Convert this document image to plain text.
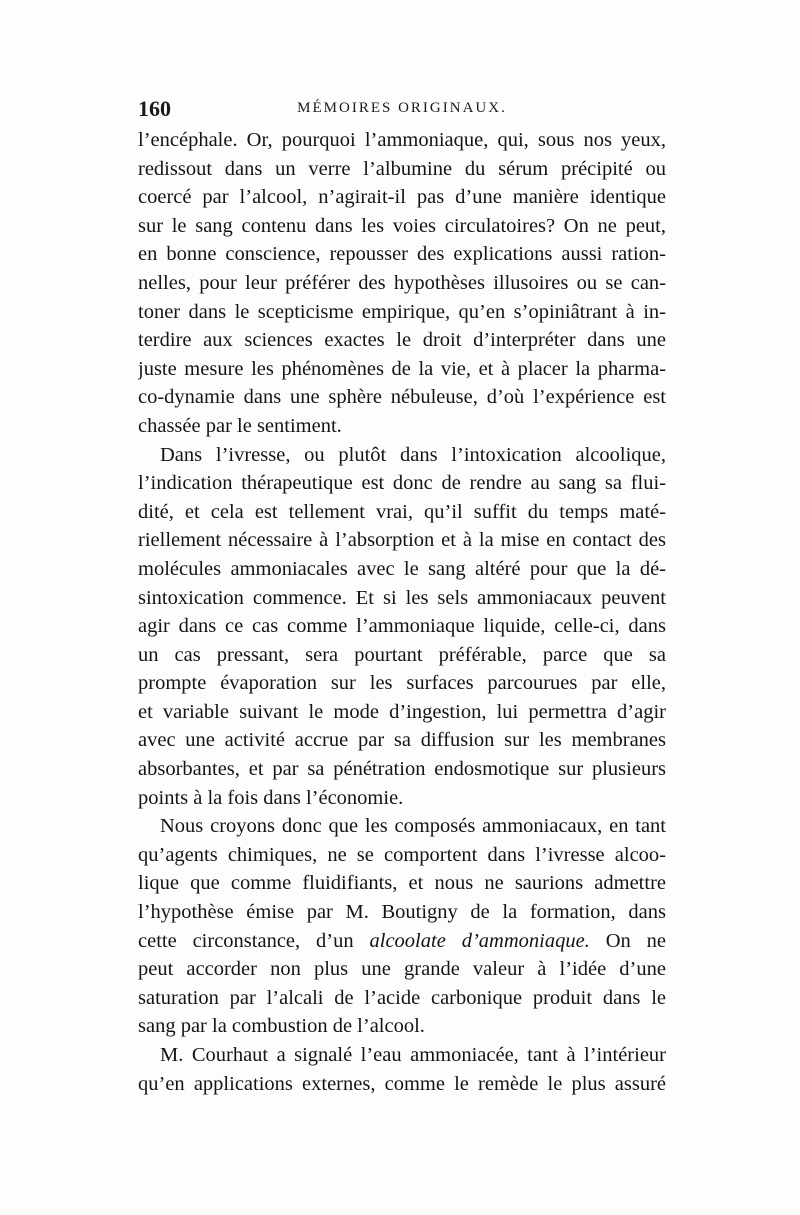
160	MÉMOIRES ORIGINAUX.
l’encéphale. Or, pourquoi l’ammoniaque, qui, sous nos yeux,
redissout dans un verre l’albumine du sérum précipité ou
coercé par l’alcool, n’agirait-il pas d’une manière identique
sur le sang contenu dans les voies circulatoires? On ne peut,
en bonne conscience, repousser des explications aussi ration-
nelles, pour leur préférer des hypothèses illusoires ou se can-
toner dans le scepticisme empirique, qu’en s’opiniâtrant à in-
terdire aux sciences exactes le droit d’interpréter dans une
juste mesure les phénomènes de la vie, et à placer la pharma-
co-dynamie dans une sphère nébuleuse, d’où l’expérience est
chassée par le sentiment.
Dans l’ivresse, ou plutôt dans l’intoxication alcoolique,
l’indication thérapeutique est donc de rendre au sang sa flui-
dité, et cela est tellement vrai, qu’il suffit du temps maté-
riellement nécessaire à l’absorption et à la mise en contact des
molécules ammoniacales avec le sang altéré pour que la dé-
sintoxication commence. Et si les sels ammoniacaux peuvent
agir dans ce cas comme l’ammoniaque liquide, celle-ci, dans
un cas pressant, sera pourtant préférable, parce que sa
prompte évaporation sur les surfaces parcourues par elle,
et variable suivant le mode d’ingestion, lui permettra d’agir
avec une activité accrue par sa diffusion sur les membranes
absorbantes, et par sa pénétration endosmotique sur plusieurs
points à la fois dans l’économie.
Nous croyons donc que les composés ammoniacaux, en tant
qu’agents chimiques, ne se comportent dans l’ivresse alcoo-
lique que comme fluidifiants, et nous ne saurions admettre
l’hypothèse émise par M. Boutigny de la formation, dans
cette circonstance, d’un alcoolate d’ammoniaque. On ne
peut accorder non plus une grande valeur à l’idée d’une
saturation par l’alcali de l’acide carbonique produit dans le
sang par la combustion de l’alcool.
M. Courhaut a signalé l’eau ammoniacée, tant à l’intérieur
qu’en applications externes, comme le remède le plus assuré
